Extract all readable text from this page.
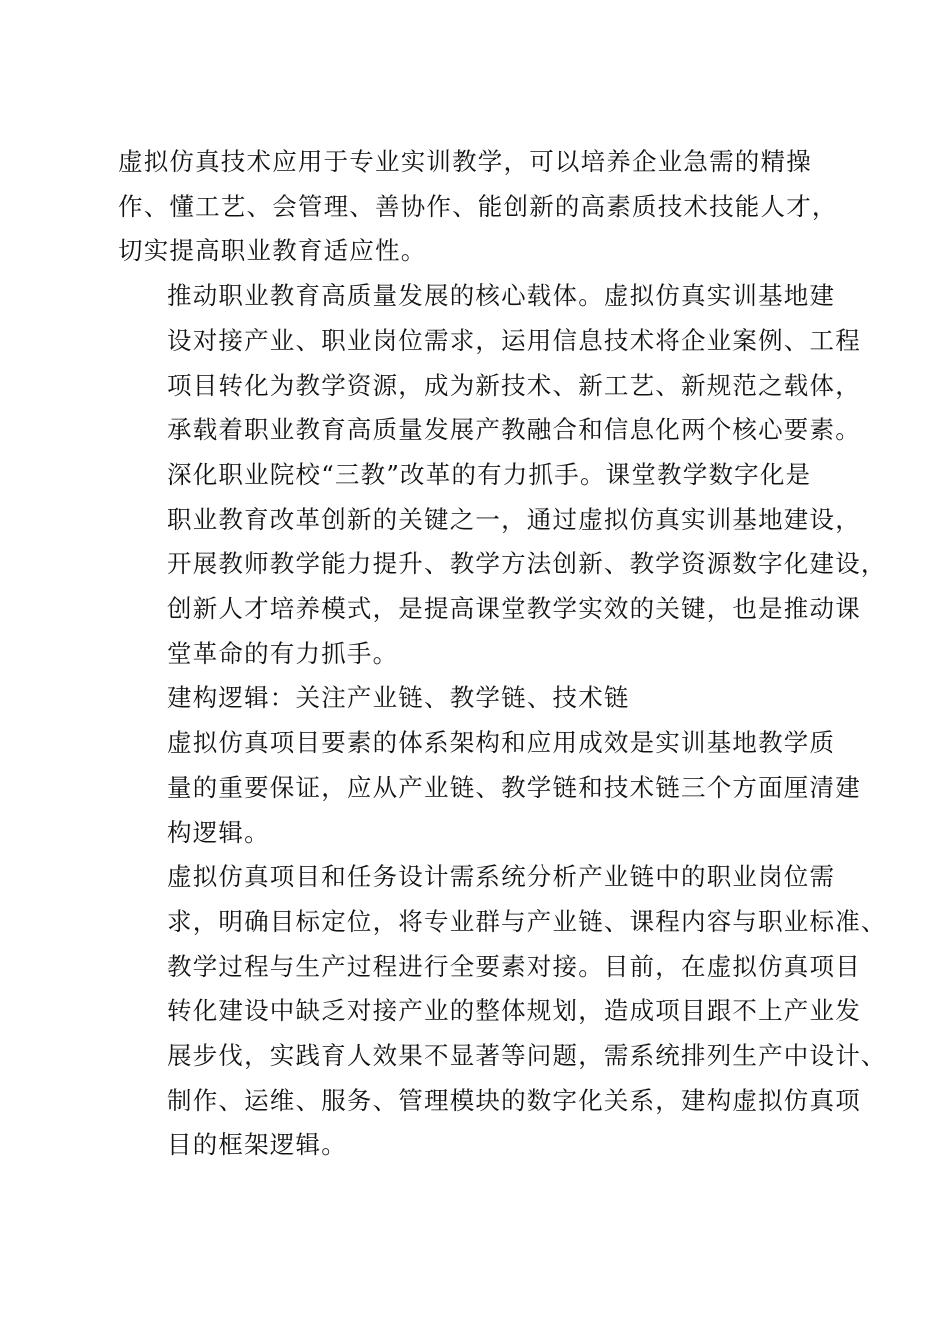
虚拟仿真技术应用于专业实训教学，可以培养企业急需的精操
作、懂工艺、会管理、善协作、能创新的高素质技术技能人才，
切实提高职业教育适应性。
推动职业教育高质量发展的核心载体。虚拟仿真实训基地建
设对接产业、职业岗位需求，运用信息技术将企业案例、工程
项目转化为教学资源，成为新技术、新工艺、新规范之载体，
承载着职业教育高质量发展产教融合和信息化两个核心要素。
深化职业院校“三教”改革的有力抓手。课堂教学数字化是
职业教育改革创新的关键之一，通过虚拟仿真实训基地建设，
开展教师教学能力提升、教学方法创新、教学资源数字化建设，
创新人才培养模式，是提高课堂教学实效的关键，也是推动课
堂革命的有力抓手。
建构逻辑：关注产业链、教学链、技术链
虚拟仿真项目要素的体系架构和应用成效是实训基地教学质
量的重要保证，应从产业链、教学链和技术链三个方面厘清建
构逻辑。
虚拟仿真项目和任务设计需系统分析产业链中的职业岗位需
求，明确目标定位，将专业群与产业链、课程内容与职业标准、
教学过程与生产过程进行全要素对接。目前，在虚拟仿真项目
转化建设中缺乏对接产业的整体规划，造成项目跟不上产业发
展步伐，实践育人效果不显著等问题，需系统排列生产中设计、
制作、运维、服务、管理模块的数字化关系，建构虚拟仿真项
目的框架逻辑。
